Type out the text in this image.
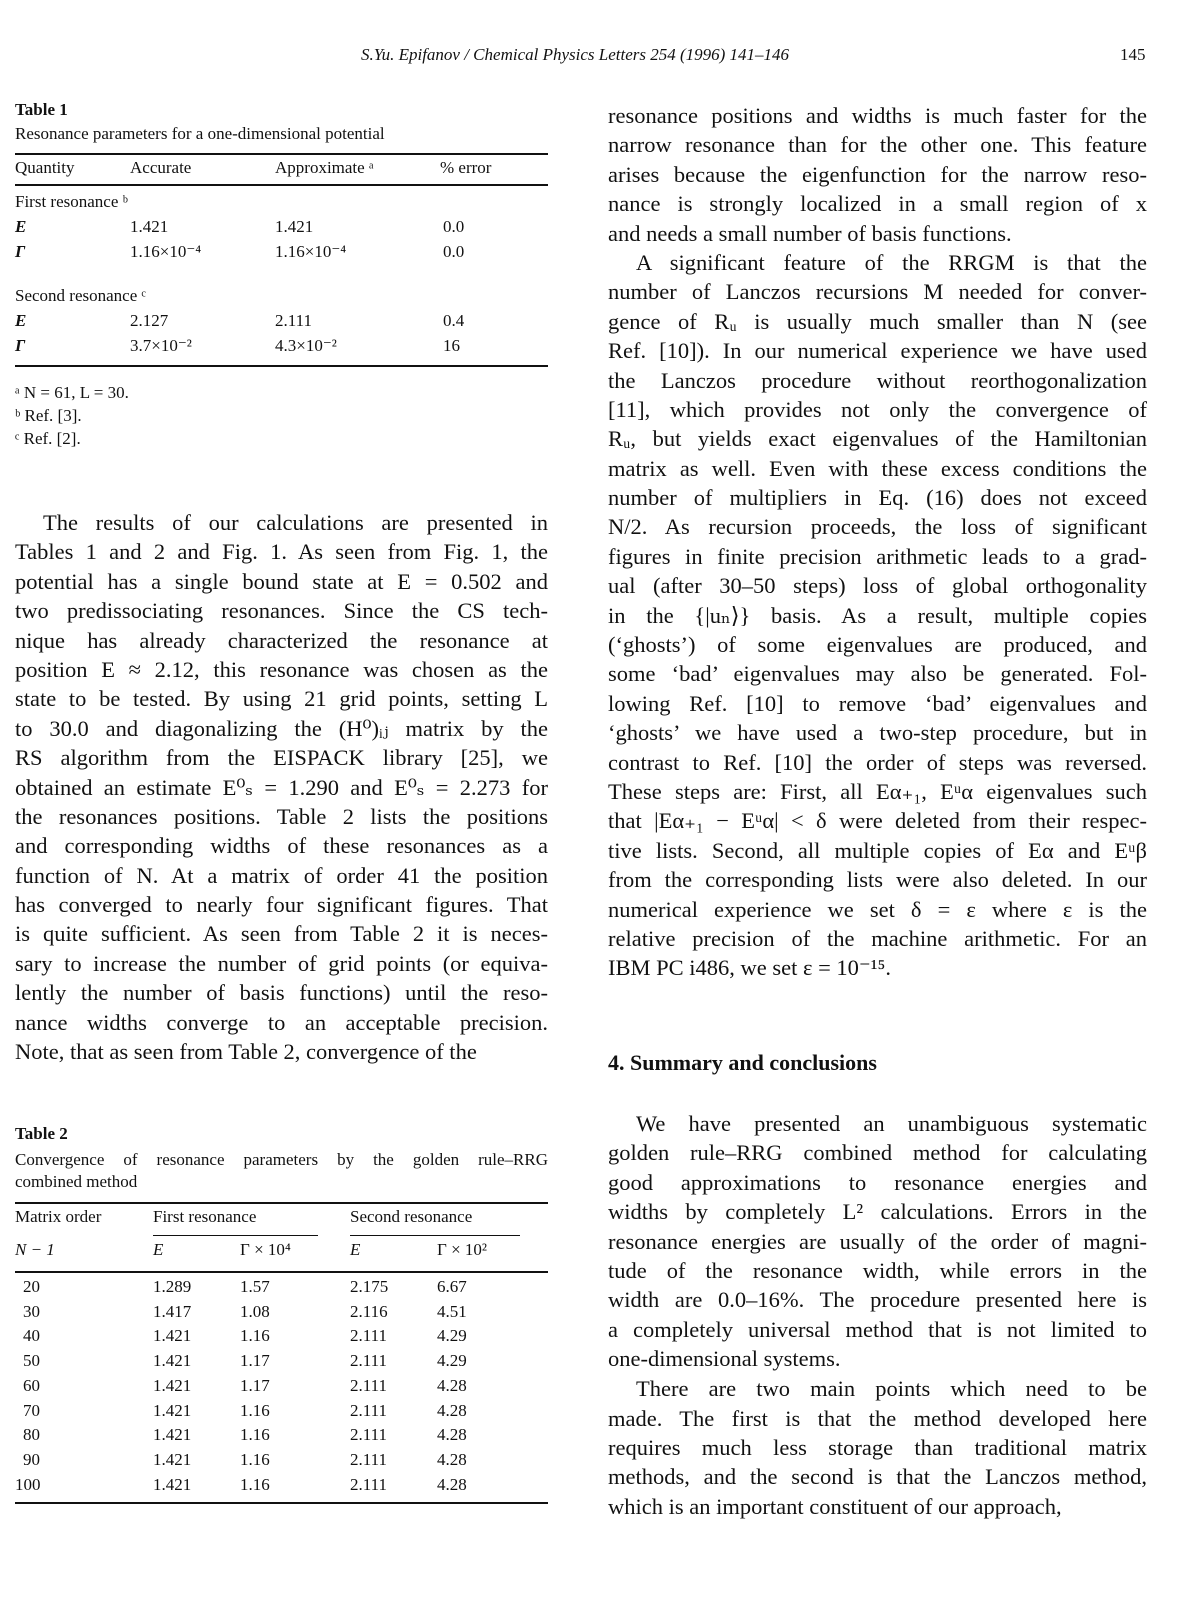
S.Yu. Epifanov / Chemical Physics Letters 254 (1996) 141–146	145
Table 1
Resonance parameters for a one-dimensional potential
Quantity	Accurate	Approximate ᵃ	% error
First resonance ᵇ
E	1.421	1.421	0.0
Γ	1.16×10⁻⁴	1.16×10⁻⁴	0.0
Second resonance ᶜ
E	2.127	2.111	0.4
Γ	3.7×10⁻²	4.3×10⁻²	16
ᵃ N = 61, L = 30.
ᵇ Ref. [3].
ᶜ Ref. [2].
Table 2
Convergence of resonance parameters by the golden rule–RRG
combined method
Matrix order	First resonance	Second resonance
N − 1	E	Γ × 10⁴	E	Γ × 10²
20	1.289	1.57	2.175	6.67
30	1.417	1.08	2.116	4.51
40	1.421	1.16	2.111	4.29
50	1.421	1.17	2.111	4.29
60	1.421	1.17	2.111	4.28
70	1.421	1.16	2.111	4.28
80	1.421	1.16	2.111	4.28
90	1.421	1.16	2.111	4.28
100	1.421	1.16	2.111	4.28
The results of our calculations are presented in
Tables 1 and 2 and Fig. 1. As seen from Fig. 1, the
potential has a single bound state at E = 0.502 and
two predissociating resonances. Since the CS tech-
nique has already characterized the resonance at
position E ≈ 2.12, this resonance was chosen as the
state to be tested. By using 21 grid points, setting L
to 30.0 and diagonalizing the (H⁰)ᵢⱼ matrix by the
RS algorithm from the EISPACK library [25], we
obtained an estimate E⁰ₛ = 1.290 and E⁰ₛ = 2.273 for
the resonances positions. Table 2 lists the positions
and corresponding widths of these resonances as a
function of N. At a matrix of order 41 the position
has converged to nearly four significant figures. That
is quite sufficient. As seen from Table 2 it is neces-
sary to increase the number of grid points (or equiva-
lently the number of basis functions) until the reso-
nance widths converge to an acceptable precision.
Note, that as seen from Table 2, convergence of the
resonance positions and widths is much faster for the
narrow resonance than for the other one. This feature
arises because the eigenfunction for the narrow reso-
nance is strongly localized in a small region of x
and needs a small number of basis functions.
A significant feature of the RRGM is that the
number of Lanczos recursions M needed for conver-
gence of Rᵤ is usually much smaller than N (see
Ref. [10]). In our numerical experience we have used
the Lanczos procedure without reorthogonalization
[11], which provides not only the convergence of
Rᵤ, but yields exact eigenvalues of the Hamiltonian
matrix as well. Even with these excess conditions the
number of multipliers in Eq. (16) does not exceed
N/2. As recursion proceeds, the loss of significant
figures in finite precision arithmetic leads to a grad-
ual (after 30–50 steps) loss of global orthogonality
in the {|uₙ⟩} basis. As a result, multiple copies
(‘ghosts’) of some eigenvalues are produced, and
some ‘bad’ eigenvalues may also be generated. Fol-
lowing Ref. [10] to remove ‘bad’ eigenvalues and
‘ghosts’ we have used a two-step procedure, but in
contrast to Ref. [10] the order of steps was reversed.
These steps are: First, all Eα₊₁, Eᵘα eigenvalues such
that |Eα₊₁ − Eᵘα| < δ were deleted from their respec-
tive lists. Second, all multiple copies of Eα and Eᵘβ
from the corresponding lists were also deleted. In our
numerical experience we set δ = ε where ε is the
relative precision of the machine arithmetic. For an
IBM PC i486, we set ε = 10⁻¹⁵.
4. Summary and conclusions
We have presented an unambiguous systematic
golden rule–RRG combined method for calculating
good approximations to resonance energies and
widths by completely L² calculations. Errors in the
resonance energies are usually of the order of magni-
tude of the resonance width, while errors in the
width are 0.0–16%. The procedure presented here is
a completely universal method that is not limited to
one-dimensional systems.
There are two main points which need to be
made. The first is that the method developed here
requires much less storage than traditional matrix
methods, and the second is that the Lanczos method,
which is an important constituent of our approach,
